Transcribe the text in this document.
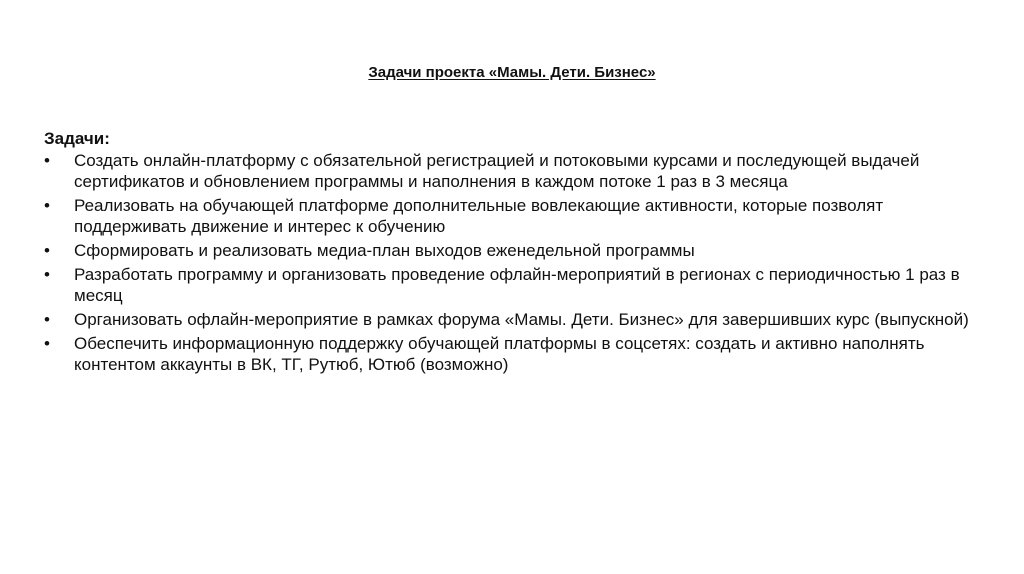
Задачи проекта «Мамы. Дети. Бизнес»

Задачи:

•	Создать онлайн-платформу с обязательной регистрацией и потоковыми курсами и последующей выдачей сертификатов и обновлением программы и наполнения в каждом потоке 1 раз в 3 месяца
•	Реализовать на обучающей платформе дополнительные вовлекающие активности, которые позволят поддерживать движение и интерес к обучению
•	Сформировать и реализовать медиа-план выходов еженедельной программы
•	Разработать программу и организовать проведение офлайн-мероприятий в регионах с периодичностью 1 раз в месяц
•	Организовать офлайн-мероприятие в рамках форума «Мамы. Дети. Бизнес» для завершивших курс (выпускной)
•	Обеспечить информационную поддержку обучающей платформы в соцсетях: создать и активно наполнять контентом аккаунты в ВК, ТГ, Рутюб, Ютюб (возможно)
